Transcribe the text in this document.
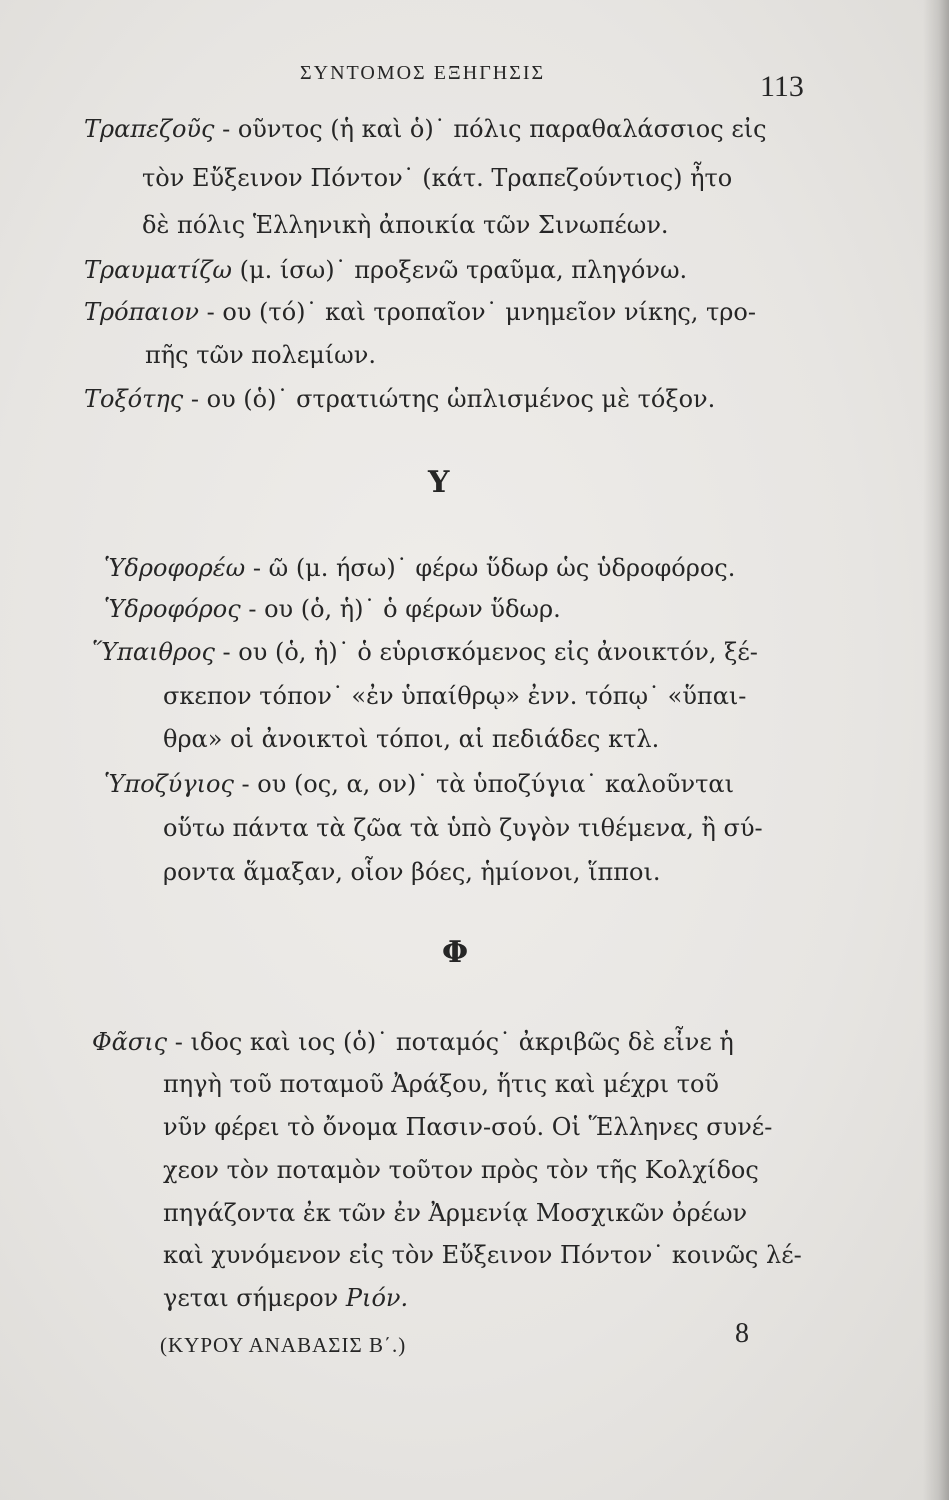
ΣΥΝΤΟΜΟΣ ΕΞΗΓΗΣΙΣ	113
Τραπεζοῦς - οῦντος (ἡ καὶ ὁ)˙ πόλις παραθαλάσσιος εἰς
τὸν Εὔξεινον Πόντον˙ (κάτ. Τραπεζούντιος) ἦτο
δὲ πόλις Ἑλληνικὴ ἀποικία τῶν Σινωπέων.
Τραυματίζω (μ. ίσω)˙ προξενῶ τραῦμα, πληγόνω.
Τρόπαιον - ου (τό)˙ καὶ τροπαῖον˙ μνημεῖον νίκης, τρο-
πῆς τῶν πολεμίων.
Τοξότης - ου (ὁ)˙ στρατιώτης ὡπλισμένος μὲ τόξον.
Υ
Ὑδροφορέω - ῶ (μ. ήσω)˙ φέρω ὕδωρ ὡς ὑδροφόρος.
Ὑδροφόρος - ου (ὁ, ἡ)˙ ὁ φέρων ὕδωρ.
Ὕπαιθρος - ου (ὁ, ἡ)˙ ὁ εὑρισκόμενος εἰς ἀνοικτόν, ξέ-
σκεπον τόπον˙ «ἐν ὑπαίθρῳ» ἐνν. τόπῳ˙ «ὕπαι-
θρα» οἱ ἀνοικτοὶ τόποι, αἱ πεδιάδες κτλ.
Ὑποζύγιος - ου (ος, α, ον)˙ τὰ ὑποζύγια˙ καλοῦνται
οὕτω πάντα τὰ ζῶα τὰ ὑπὸ ζυγὸν τιθέμενα, ἢ σύ-
ροντα ἅμαξαν, οἷον βόες, ἡμίονοι, ἵπποι.
Φ
Φᾶσις - ιδος καὶ ιος (ὁ)˙ ποταμός˙ ἀκριβῶς δὲ εἶνε ἡ
πηγὴ τοῦ ποταμοῦ Ἀράξου, ἥτις καὶ μέχρι τοῦ
νῦν φέρει τὸ ὄνομα Πασιν-σού. Οἱ Ἕλληνες συνέ-
χεον τὸν ποταμὸν τοῦτον πρὸς τὸν τῆς Κολχίδος
πηγάζοντα ἐκ τῶν ἐν Ἀρμενίᾳ Μοσχικῶν ὀρέων
καὶ χυνόμενον εἰς τὸν Εὔξεινον Πόντον˙ κοινῶς λέ-
γεται σήμερον Ριόν.
(ΚΥΡΟΥ ΑΝΑΒΑΣΙΣ Β΄.)	8
